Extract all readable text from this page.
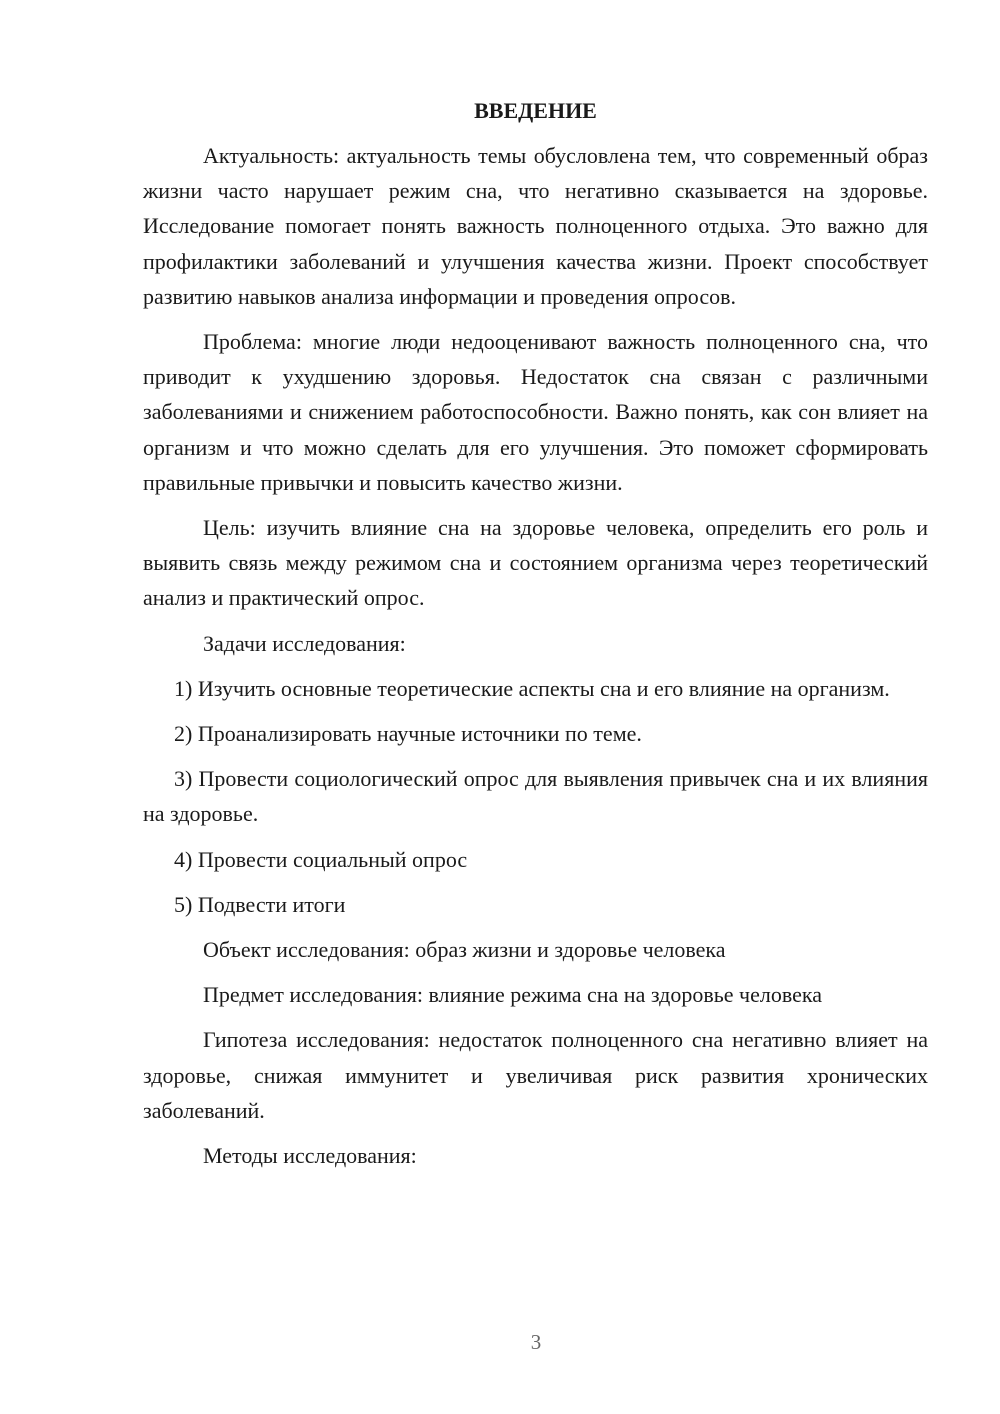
ВВЕДЕНИЕ

Актуальность: актуальность темы обусловлена тем, что современный образ жизни часто нарушает режим сна, что негативно сказывается на здоровье. Исследование помогает понять важность полноценного отдыха. Это важно для профилактики заболеваний и улучшения качества жизни. Проект способствует развитию навыков анализа информации и проведения опросов.

Проблема: многие люди недооценивают важность полноценного сна, что приводит к ухудшению здоровья. Недостаток сна связан с различными заболеваниями и снижением работоспособности. Важно понять, как сон влияет на организм и что можно сделать для его улучшения. Это поможет сформировать правильные привычки и повысить качество жизни.

Цель: изучить влияние сна на здоровье человека, определить его роль и выявить связь между режимом сна и состоянием организма через теоретический анализ и практический опрос.

Задачи исследования:

1) Изучить основные теоретические аспекты сна и его влияние на организм.

2) Проанализировать научные источники по теме.

3) Провести социологический опрос для выявления привычек сна и их влияния на здоровье.

4) Провести социальный опрос

5) Подвести итоги

Объект исследования: образ жизни и здоровье человека

Предмет исследования: влияние режима сна на здоровье человека

Гипотеза исследования: недостаток полноценного сна негативно влияет на здоровье, снижая иммунитет и увеличивая риск развития хронических заболеваний.

Методы исследования:

3
